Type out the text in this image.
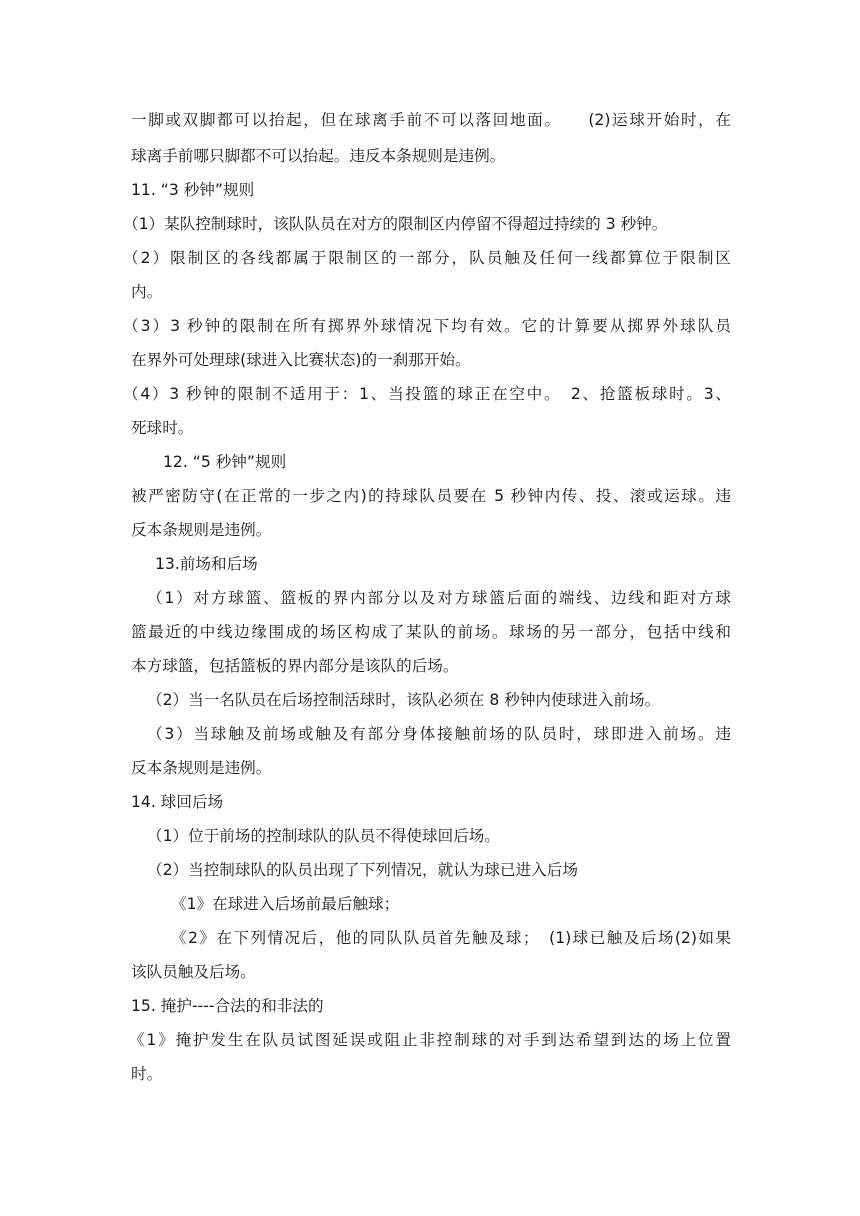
一脚或双脚都可以抬起，但在球离手前不可以落回地面。　　(2)运球开始时，在
球离手前哪只脚都不可以抬起。违反本条规则是违例。
11. “3 秒钟”规则
（1）某队控制球时，该队队员在对方的限制区内停留不得超过持续的 3 秒钟。
（2）限制区的各线都属于限制区的一部分，队员触及任何一线都算位于限制区
内。
（3）3 秒钟的限制在所有掷界外球情况下均有效。它的计算要从掷界外球队员
在界外可处理球(球进入比赛状态)的一刹那开始。
（4）3 秒钟的限制不适用于：1、当投篮的球正在空中。　2、抢篮板球时。3、
死球时。
12. “5 秒钟”规则
被严密防守(在正常的一步之内)的持球队员要在 5 秒钟内传、投、滚或运球。违
反本条规则是违例。
13.前场和后场
（1）对方球篮、篮板的界内部分以及对方球篮后面的端线、边线和距对方球
篮最近的中线边缘围成的场区构成了某队的前场。球场的另一部分，包括中线和
本方球篮，包括篮板的界内部分是该队的后场。
（2）当一名队员在后场控制活球时，该队必须在 8 秒钟内使球进入前场。
（3）当球触及前场或触及有部分身体接触前场的队员时，球即进入前场。违
反本条规则是违例。
14. 球回后场
（1）位于前场的控制球队的队员不得使球回后场。
（2）当控制球队的队员出现了下列情况，就认为球已进入后场
《1》在球进入后场前最后触球；
《2》在下列情况后，他的同队队员首先触及球；　(1)球已触及后场(2)如果
该队员触及后场。
15. 掩护----合法的和非法的
《1》掩护发生在队员试图延误或阻止非控制球的对手到达希望到达的场上位置
时。
